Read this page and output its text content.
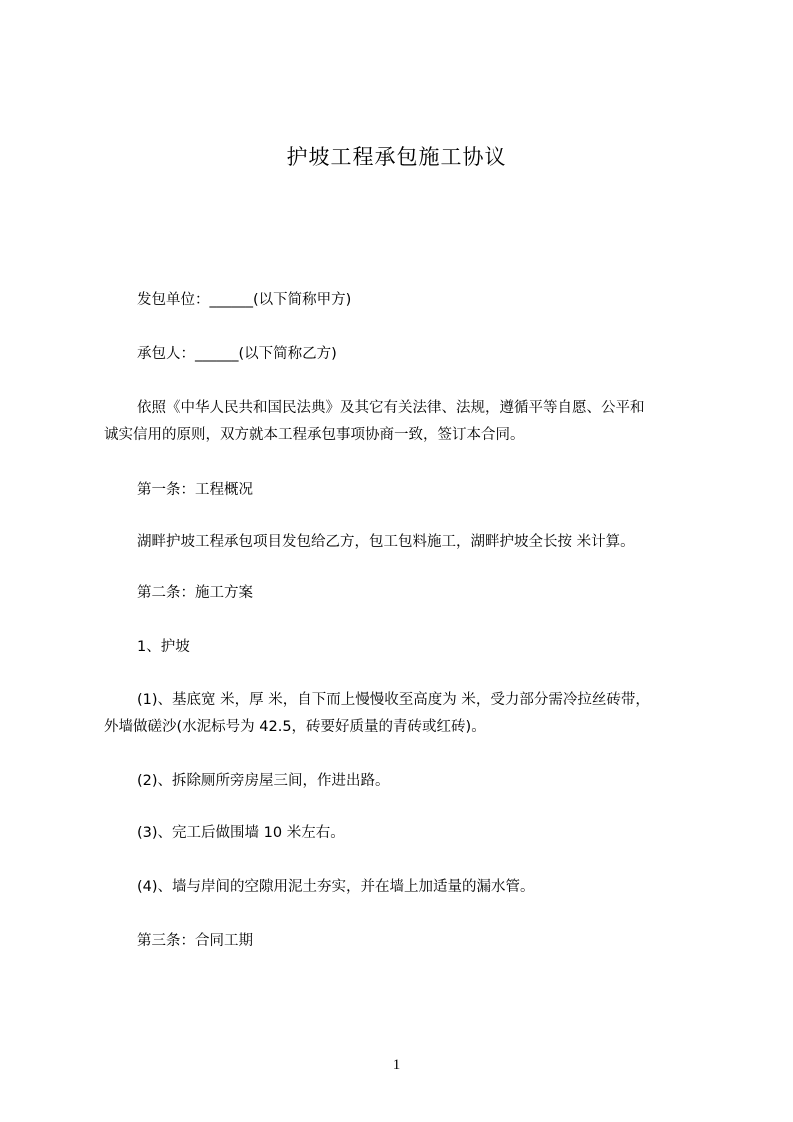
护坡工程承包施工协议
发包单位：______(以下简称甲方)
承包人：______(以下简称乙方)
依照《中华人民共和国民法典》及其它有关法律、法规，遵循平等自愿、公平和
诚实信用的原则，双方就本工程承包事项协商一致，签订本合同。
第一条：工程概况
湖畔护坡工程承包项目发包给乙方，包工包料施工，湖畔护坡全长按 米计算。
第二条：施工方案
1、护坡
(1)、基底宽 米，厚 米，自下而上慢慢收至高度为 米，受力部分需冷拉丝砖带，
外墙做磋沙(水泥标号为 42.5，砖要好质量的青砖或红砖)。
(2)、拆除厕所旁房屋三间，作进出路。
(3)、完工后做围墙 10 米左右。
(4)、墙与岸间的空隙用泥土夯实，并在墙上加适量的漏水管。
第三条：合同工期
1
